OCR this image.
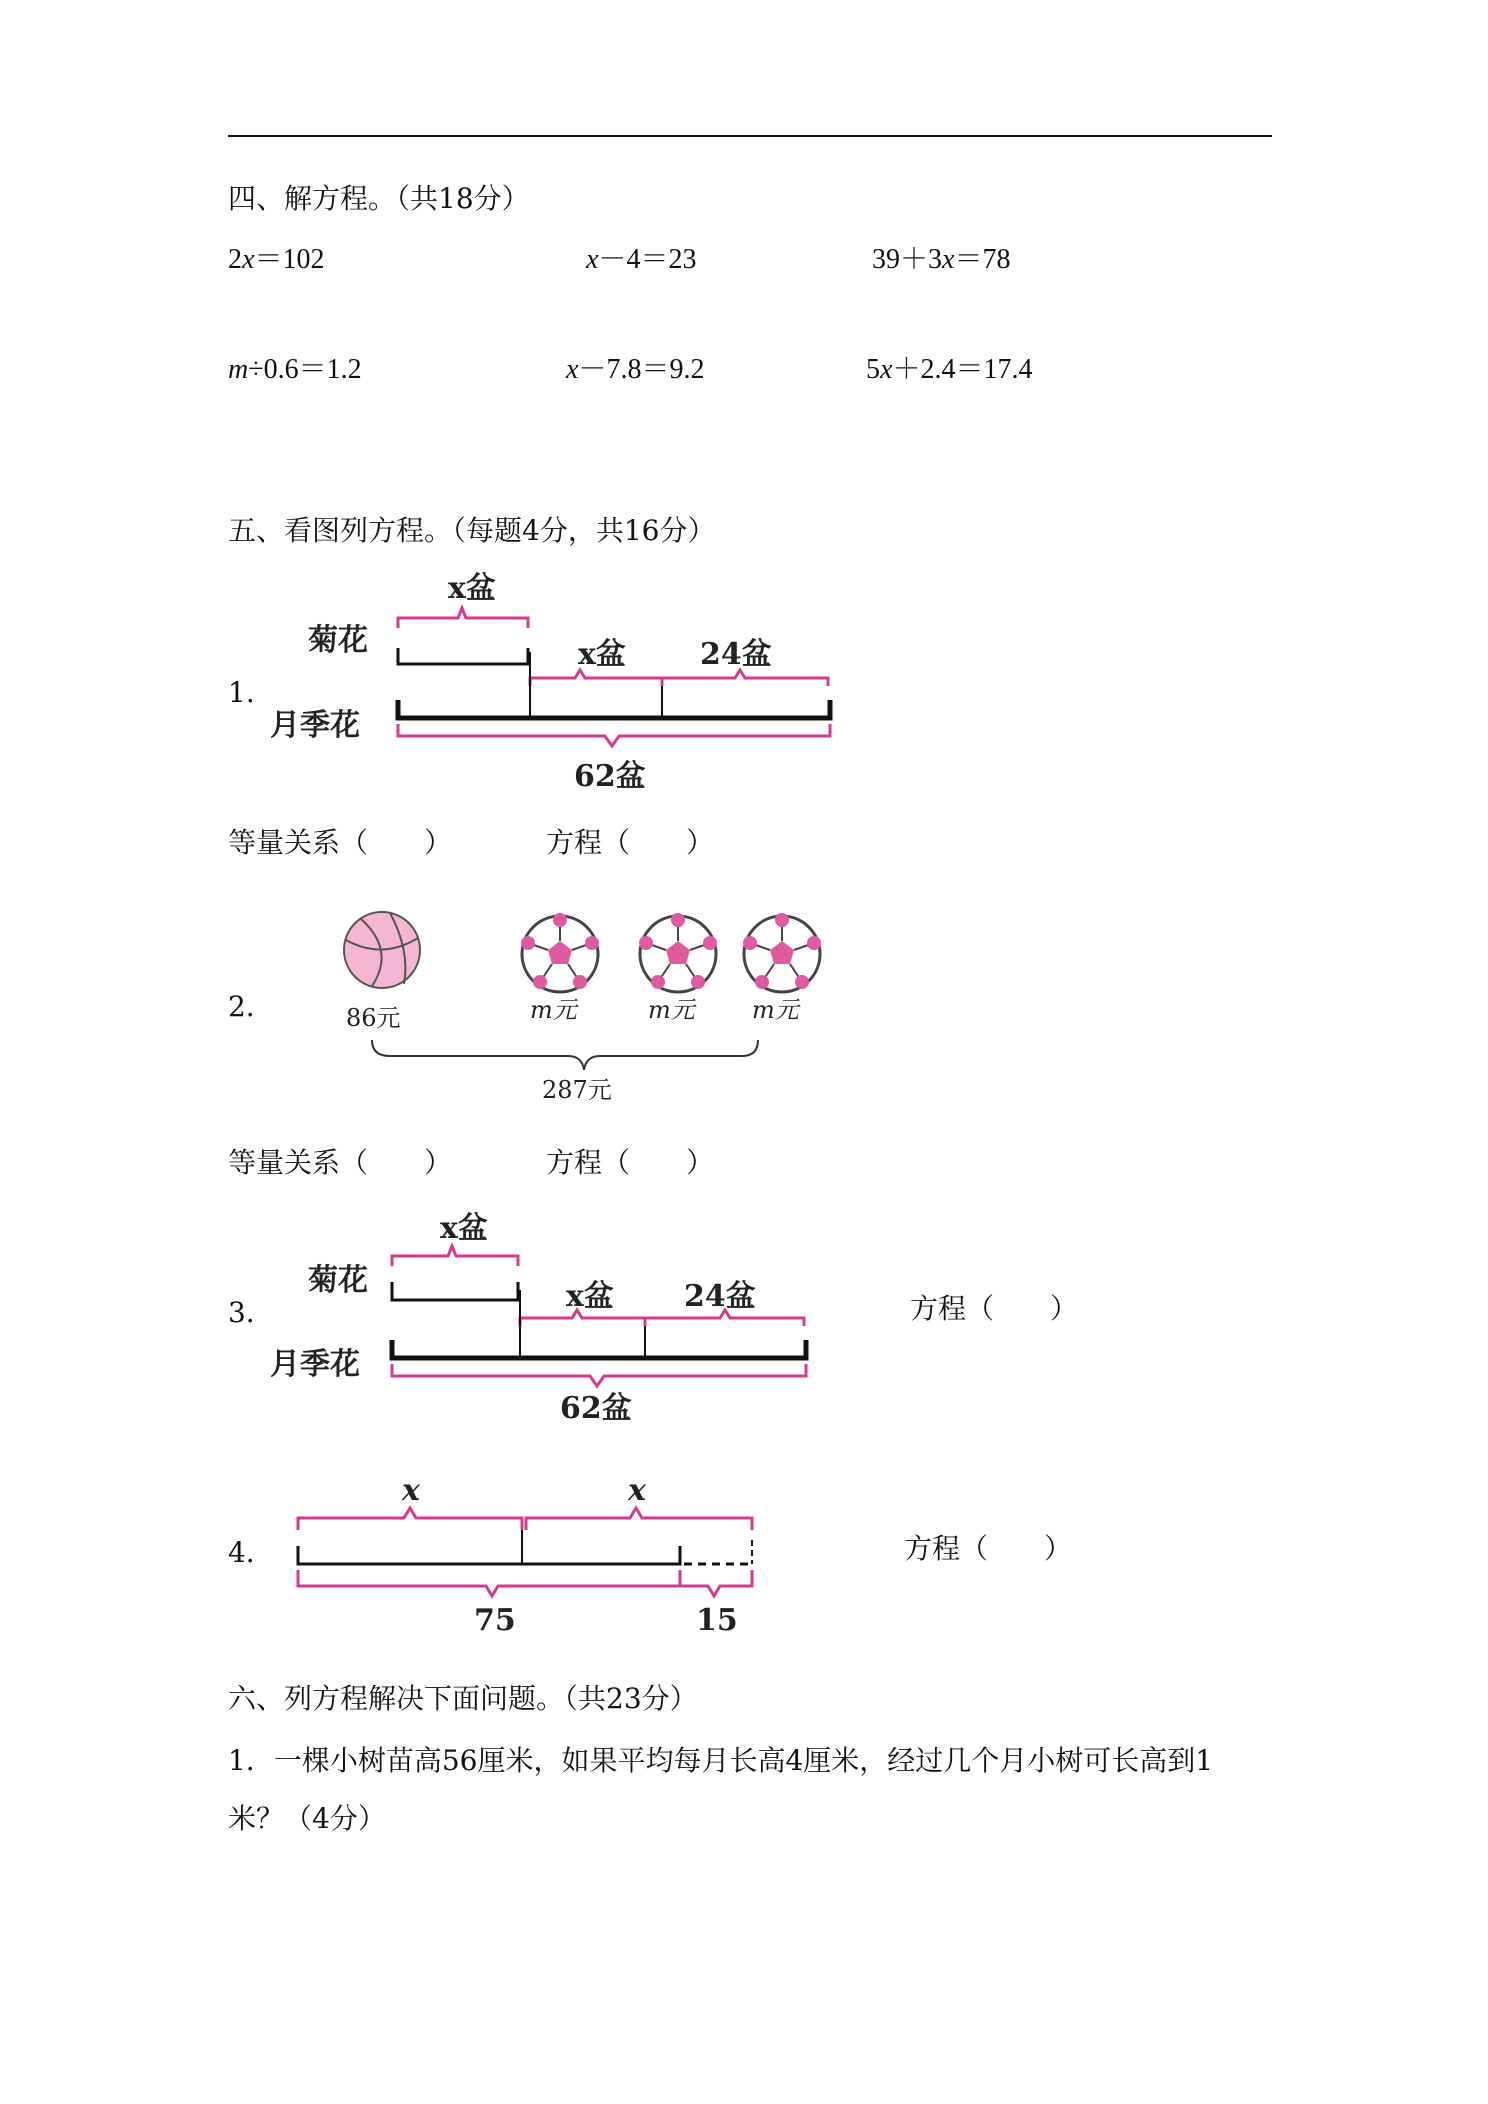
四、解方程。（共18分）
2x＝102	x－4＝23	39＋3x＝78
m÷0.6＝1.2	x－7.8＝9.2	5x＋2.4＝17.4
五、看图列方程。（每题4分，共16分）
1.
x盆
菊花	x盆 24盆
月季花
62盆
等量关系（　　）	方程（　　）
2．	86元	m元	m元 m元
287元
等量关系（　　）	方程（　　）
3．
x盆
菊花	x盆 24盆
月季花
62盆
方程（　　）
4．
x	x
75	15
方程（　　）
六、列方程解决下面问题。（共23分）
1．一棵小树苗高56厘米，如果平均每月长高4厘米，经过几个月小树可长高到1
米？（4分）
